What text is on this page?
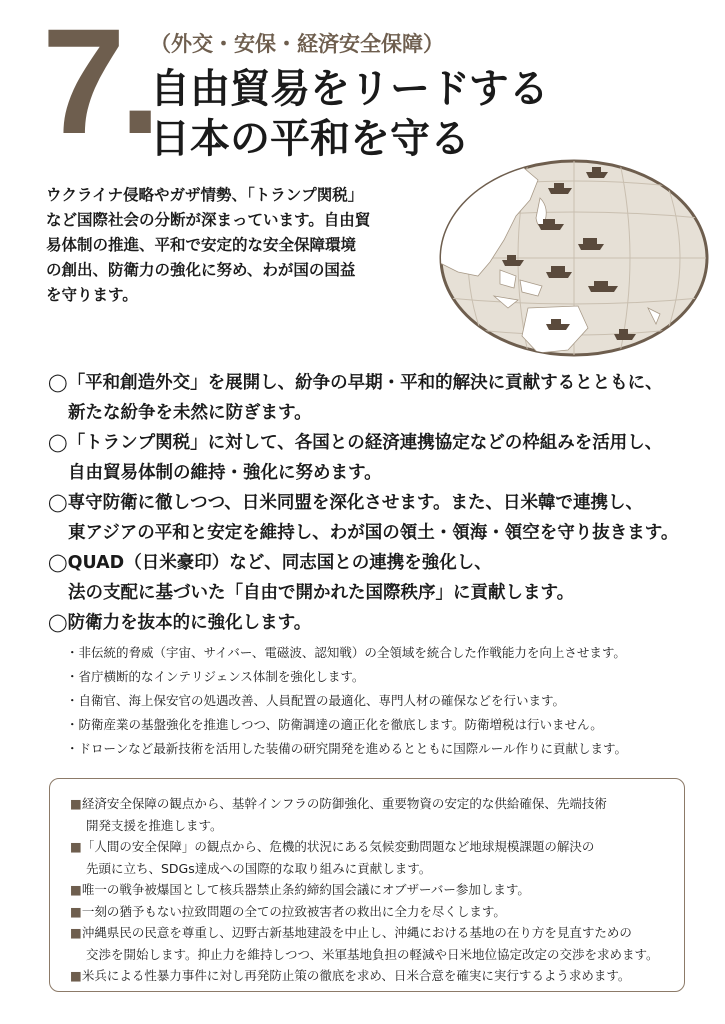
7.
（外交・安保・経済安全保障）
自由貿易をリードする
日本の平和を守る

ウクライナ侵略やガザ情勢、「トランプ関税」

など国際社会の分断が深まっています。自由貿

易体制の推進、平和で安定的な安全保障環境

の創出、防衛力の強化に努め、わが国の国益

を守ります。

◯「平和創造外交」を展開し、紛争の早期・平和的解決に貢献するとともに、
新たな紛争を未然に防ぎます。
◯「トランプ関税」に対して、各国との経済連携協定などの枠組みを活用し、
自由貿易体制の維持・強化に努めます。
◯専守防衛に徹しつつ、日米同盟を深化させます。また、日米韓で連携し、
東アジアの平和と安定を維持し、わが国の領土・領海・領空を守り抜きます。
◯QUAD（日米豪印）など、同志国との連携を強化し、
法の支配に基づいた「自由で開かれた国際秩序」に貢献します。
◯防衛力を抜本的に強化します。
・非伝統的脅威（宇宙、サイバー、電磁波、認知戦）の全領域を統合した作戦能力を向上させます。
・省庁横断的なインテリジェンス体制を強化します。
・自衛官、海上保安官の処遇改善、人員配置の最適化、専門人材の確保などを行います。
・防衛産業の基盤強化を推進しつつ、防衛調達の適正化を徹底します。防衛増税は行いません。
・ドローンなど最新技術を活用した装備の研究開発を進めるとともに国際ルール作りに貢献します。
■経済安全保障の観点から、基幹インフラの防御強化、重要物資の安定的な供給確保、先端技術
開発支援を推進します。
■「人間の安全保障」の観点から、危機的状況にある気候変動問題など地球規模課題の解決の
先頭に立ち、SDGs達成への国際的な取り組みに貢献します。
■唯一の戦争被爆国として核兵器禁止条約締約国会議にオブザーバー参加します。
■一刻の猶予もない拉致問題の全ての拉致被害者の救出に全力を尽くします。
■沖縄県民の民意を尊重し、辺野古新基地建設を中止し、沖縄における基地の在り方を見直すための
交渉を開始します。抑止力を維持しつつ、米軍基地負担の軽減や日米地位協定改定の交渉を求めます。
■米兵による性暴力事件に対し再発防止策の徹底を求め、日米合意を確実に実行するよう求めます。
